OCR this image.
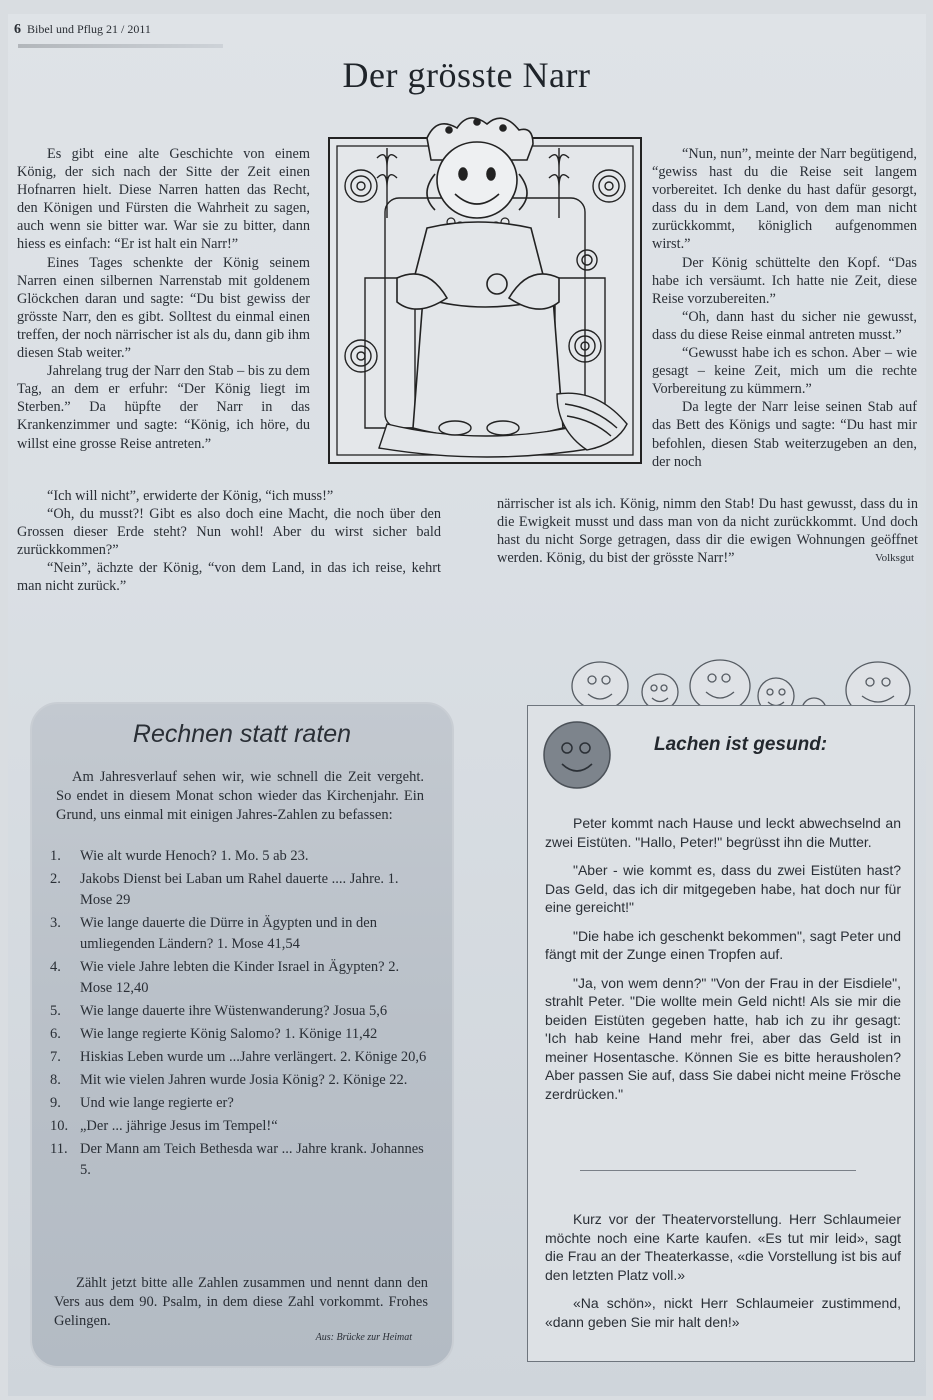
6 Bibel und Pflug 21 / 2011
Der grösste Narr

Es gibt eine alte Geschichte von einem König, der sich nach der Sitte der Zeit einen Hofnarren hielt. Diese Narren hatten das Recht, den Königen und Fürsten die Wahrheit zu sagen, auch wenn sie bitter war. War sie zu bitter, dann hiess es einfach: “Er ist halt ein Narr!”

Eines Tages schenkte der König seinem Narren einen silbernen Narrenstab mit goldenem Glöckchen daran und sagte: “Du bist gewiss der grösste Narr, den es gibt. Solltest du einmal einen treffen, der noch närrischer ist als du, dann gib ihm diesen Stab weiter.”

Jahrelang trug der Narr den Stab – bis zu dem Tag, an dem er erfuhr: “Der König liegt im Sterben.” Da hüpfte der Narr in das Krankenzimmer und sagte: “König, ich höre, du willst eine grosse Reise antreten.”

“Ich will nicht”, erwiderte der König, “ich muss!”

“Oh, du musst?! Gibt es also doch eine Macht, die noch über den Grossen dieser Erde steht? Nun wohl! Aber du wirst sicher bald zurückkommen?”

“Nein”, ächzte der König, “von dem Land, in das ich reise, kehrt man nicht zurück.”

“Nun, nun”, meinte der Narr begütigend, “gewiss hast du die Reise seit langem vorbereitet. Ich denke du hast dafür gesorgt, dass du in dem Land, von dem man nicht zurückkommt, königlich aufgenommen wirst.”

Der König schüttelte den Kopf. “Das habe ich versäumt. Ich hatte nie Zeit, diese Reise vorzubereiten.”

“Oh, dann hast du sicher nie gewusst, dass du diese Reise einmal antreten musst.”

“Gewusst habe ich es schon. Aber – wie gesagt – keine Zeit, mich um die rechte Vorbereitung zu kümmern.”

Da legte der Narr leise seinen Stab auf das Bett des Königs und sagte: “Du hast mir befohlen, diesen Stab weiterzugeben an den, der noch

närrischer ist als ich. König, nimm den Stab! Du hast gewusst, dass du in die Ewigkeit musst und dass man von da nicht zurückkommt. Und doch hast du nicht Sorge getragen, dass dir die ewigen Wohnungen geöffnet werden. König, du bist der grösste Narr!”	Volksgut
Rechnen statt raten
Am Jahresverlauf sehen wir, wie schnell die Zeit vergeht. So endet in diesem Monat schon wieder das Kirchenjahr. Ein Grund, uns einmal mit einigen Jahres-Zahlen zu befassen:
1. Wie alt wurde Henoch? 1. Mo. 5 ab 23.
2. Jakobs Dienst bei Laban um Rahel dauerte .... Jahre. 1. Mose 29
3. Wie lange dauerte die Dürre in Ägypten und in den umliegenden Ländern? 1. Mose 41,54
4. Wie viele Jahre lebten die Kinder Israel in Ägypten? 2. Mose 12,40
5. Wie lange dauerte ihre Wüstenwanderung? Josua 5,6
6. Wie lange regierte König Salomo? 1. Könige 11,42
7. Hiskias Leben wurde um ...Jahre verlängert. 2. Könige 20,6
8. Mit wie vielen Jahren wurde Josia König? 2. Könige 22.
9. Und wie lange regierte er?
10. „Der ... jährige Jesus im Tempel!“
11. Der Mann am Teich Bethesda war ... Jahre krank. Johannes 5.
Zählt jetzt bitte alle Zahlen zusammen und nennt dann den Vers aus dem 90. Psalm, in dem diese Zahl vorkommt. Frohes Gelingen.
Aus: Brücke zur Heimat
Lachen ist gesund:

Peter kommt nach Hause und leckt abwechselnd an zwei Eistüten. "Hallo, Peter!" begrüsst ihn die Mutter.

"Aber - wie kommt es, dass du zwei Eistüten hast? Das Geld, das ich dir mitgegeben habe, hat doch nur für eine gereicht!"

"Die habe ich geschenkt bekommen", sagt Peter und fängt mit der Zunge einen Tropfen auf.

"Ja, von wem denn?" "Von der Frau in der Eisdiele", strahlt Peter. "Die wollte mein Geld nicht! Als sie mir die beiden Eistüten gegeben hatte, hab ich zu ihr gesagt: 'Ich hab keine Hand mehr frei, aber das Geld ist in meiner Hosentasche. Können Sie es bitte herausholen? Aber passen Sie auf, dass Sie dabei nicht meine Frösche zerdrücken."

Kurz vor der Theatervorstellung. Herr Schlaumeier möchte noch eine Karte kaufen. «Es tut mir leid», sagt die Frau an der Theaterkasse, «die Vorstellung ist bis auf den letzten Platz voll.»

«Na schön», nickt Herr Schlaumeier zustimmend, «dann geben Sie mir halt den!»
